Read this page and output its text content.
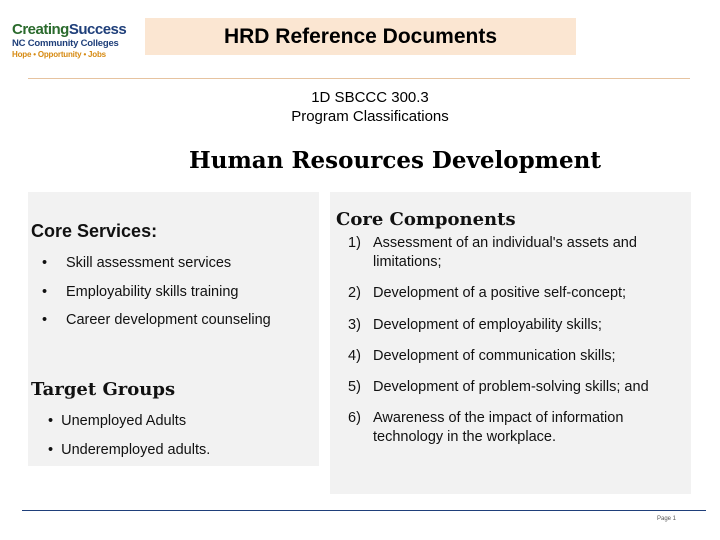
CreatingSuccess
NC Community Colleges
Hope • Opportunity • Jobs
HRD Reference Documents
1D SBCCC 300.3
Program Classifications
Human Resources Development
Core Services:
• Skill assessment services
• Employability skills training
• Career development counseling
Target Groups
• Unemployed Adults
• Underemployed adults.
Core Components
1) Assessment of an individual's assets and limitations;
2) Development of a positive self-concept;
3) Development of employability skills;
4) Development of communication skills;
5) Development of problem-solving skills; and
6) Awareness of the impact of information technology in the workplace.
Page 1
